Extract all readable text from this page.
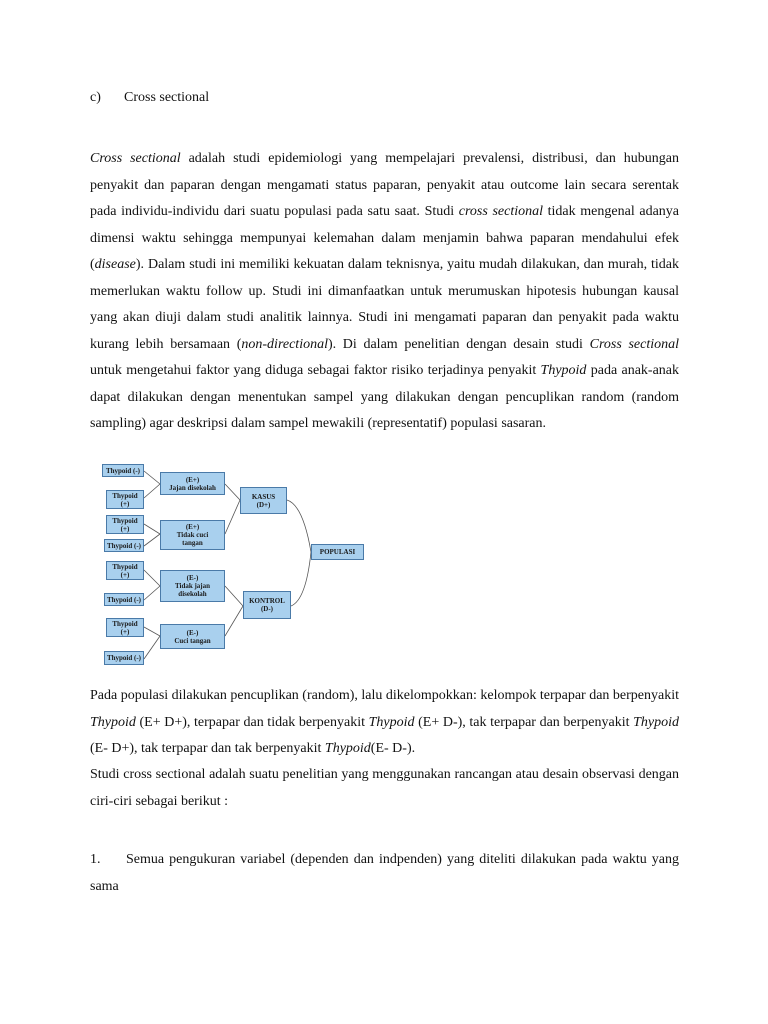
c) Cross sectional

Cross sectional adalah studi epidemiologi yang mempelajari prevalensi, distribusi, dan hubungan penyakit dan paparan dengan mengamati status paparan, penyakit atau outcome lain secara serentak pada individu-individu dari suatu populasi pada satu saat. Studi cross sectional tidak mengenal adanya dimensi waktu sehingga mempunyai kelemahan dalam menjamin bahwa paparan mendahului efek (disease). Dalam studi ini memiliki kekuatan dalam teknisnya, yaitu mudah dilakukan, dan murah, tidak memerlukan waktu follow up. Studi ini dimanfaatkan untuk merumuskan hipotesis hubungan kausal yang akan diuji dalam studi analitik lainnya. Studi ini mengamati paparan dan penyakit pada waktu kurang lebih bersamaan (non-directional). Di dalam penelitian dengan desain studi Cross sectional untuk mengetahui faktor yang diduga sebagai faktor risiko terjadinya penyakit Thypoid pada anak-anak dapat dilakukan dengan menentukan sampel yang dilakukan dengan pencuplikan random (random sampling) agar deskripsi dalam sampel mewakili (representatif) populasi sasaran.

Thypoid (-)
Thypoid
(+)
Thypoid
(+)
Thypoid (-)
Thypoid
(+)
Thypoid (-)
Thypoid
(+)
Thypoid (-)
(E+)
Jajan disekolah
(E+)
Tidak cuci
tangan
(E-)
Tidak jajan
disekolah
(E-)
Cuci tangan
KASUS
(D+)
KONTROL
(D-)
POPULASI

Pada populasi dilakukan pencuplikan (random), lalu dikelompokkan: kelompok terpapar dan berpenyakit Thypoid (E+ D+), terpapar dan tidak berpenyakit Thypoid (E+ D-), tak terpapar dan berpenyakit Thypoid (E- D+), tak terpapar dan tak berpenyakit Thypoid(E- D-).

Studi cross sectional adalah suatu penelitian yang menggunakan rancangan atau desain observasi dengan ciri-ciri sebagai berikut :

1. Semua pengukuran variabel (dependen dan indpenden) yang diteliti dilakukan pada waktu yang sama
